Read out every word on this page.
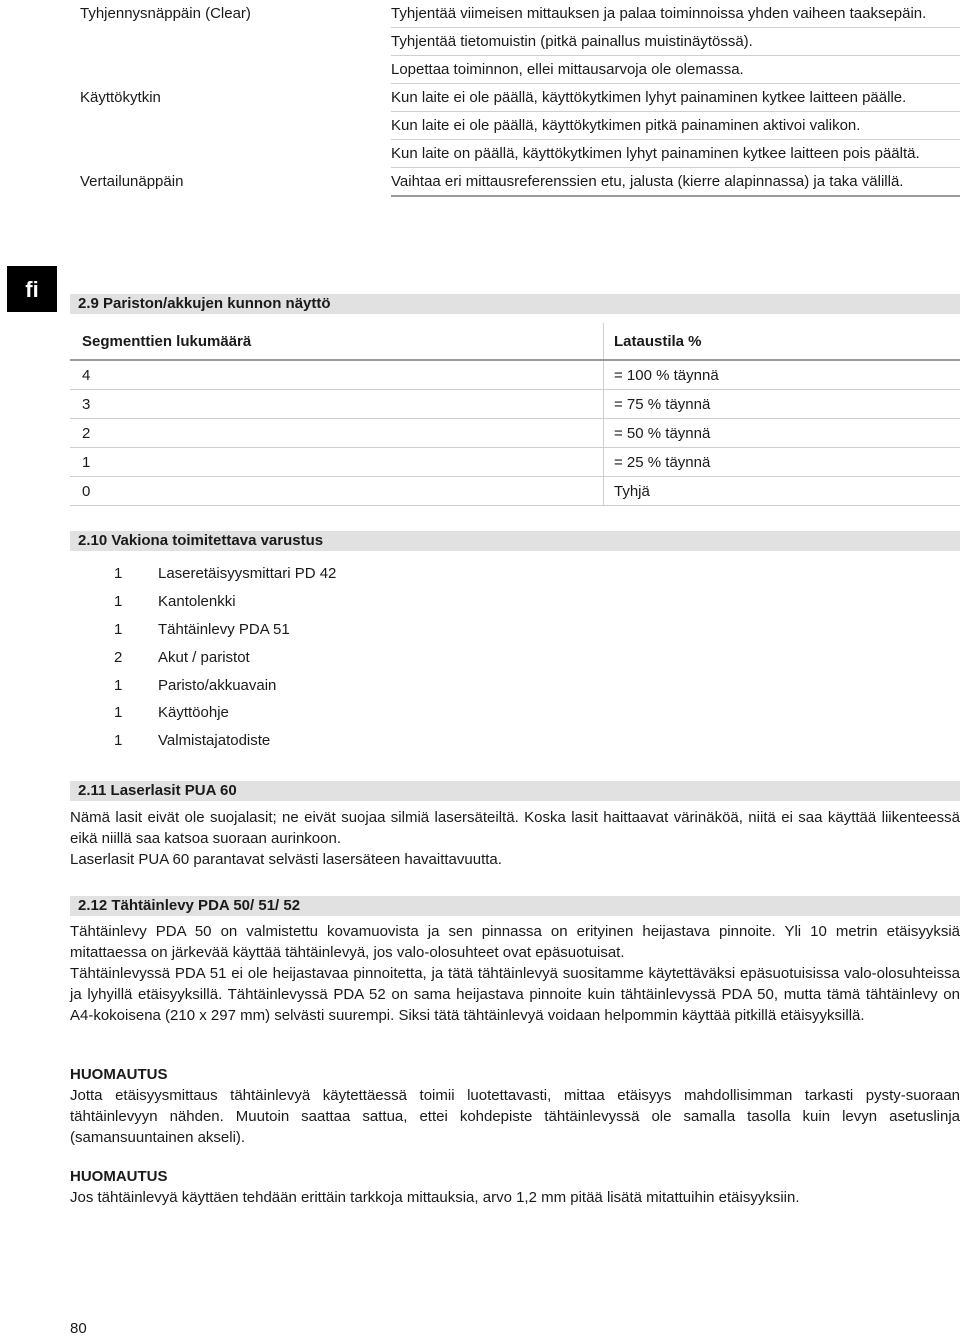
Tyhjennysnäppäin (Clear)	Tyhjentää viimeisen mittauksen ja palaa toiminnoissa yhden vaiheen taaksepäin.
Tyhjentää tietomuistin (pitkä painallus muistinäytössä).
Lopettaa toiminnon, ellei mittausarvoja ole olemassa.
Käyttökytkin	Kun laite ei ole päällä, käyttökytkimen lyhyt painaminen kytkee laitteen päälle.
Kun laite ei ole päällä, käyttökytkimen pitkä painaminen aktivoi valikon.
Kun laite on päällä, käyttökytkimen lyhyt painaminen kytkee laitteen pois päältä.
Vertailunäppäin	Vaihtaa eri mittausreferenssien etu, jalusta (kierre alapinnassa) ja taka välillä.
fi
2.9 Pariston/akkujen kunnon näyttö
Segmenttien lukumäärä	Lataustila %
4	= 100 % täynnä
3	= 75 % täynnä
2	= 50 % täynnä
1	= 25 % täynnä
0	Tyhjä
2.10 Vakiona toimitettava varustus
1	Laseretäisyysmittari PD 42
1	Kantolenkki
1	Tähtäinlevy PDA 51
2	Akut / paristot
1	Paristo/akkuavain
1	Käyttöohje
1	Valmistajatodiste
2.11 Laserlasit PUA 60

Nämä lasit eivät ole suojalasit; ne eivät suojaa silmiä lasersäteiltä. Koska lasit haittaavat värinäköä, niitä ei saa käyttää liikenteessä eikä niillä saa katsoa suoraan aurinkoon.

Laserlasit PUA 60 parantavat selvästi lasersäteen havaittavuutta.

2.12 Tähtäinlevy PDA 50/ 51/ 52

Tähtäinlevy PDA 50 on valmistettu kovamuovista ja sen pinnassa on erityinen heijastava pinnoite. Yli 10 metrin etäisyyksiä mitattaessa on järkevää käyttää tähtäinlevyä, jos valo-olosuhteet ovat epäsuotuisat.

Tähtäinlevyssä PDA 51 ei ole heijastavaa pinnoitetta, ja tätä tähtäinlevyä suositamme käytettäväksi epäsuotuisissa valo-olosuhteissa ja lyhyillä etäisyyksillä. Tähtäinlevyssä PDA 52 on sama heijastava pinnoite kuin tähtäinlevyssä PDA 50, mutta tämä tähtäinlevy on A4-kokoisena (210 x 297 mm) selvästi suurempi. Siksi tätä tähtäinlevyä voidaan helpommin käyttää pitkillä etäisyyksillä.

HUOMAUTUS

Jotta etäisyysmittaus tähtäinlevyä käytettäessä toimii luotettavasti, mittaa etäisyys mahdollisimman tarkasti pysty-suoraan tähtäinlevyyn nähden. Muutoin saattaa sattua, ettei kohdepiste tähtäinlevyssä ole samalla tasolla kuin levyn asetuslinja (samansuuntainen akseli).

HUOMAUTUS

Jos tähtäinlevyä käyttäen tehdään erittäin tarkkoja mittauksia, arvo 1,2 mm pitää lisätä mitattuihin etäisyyksiin.

80
